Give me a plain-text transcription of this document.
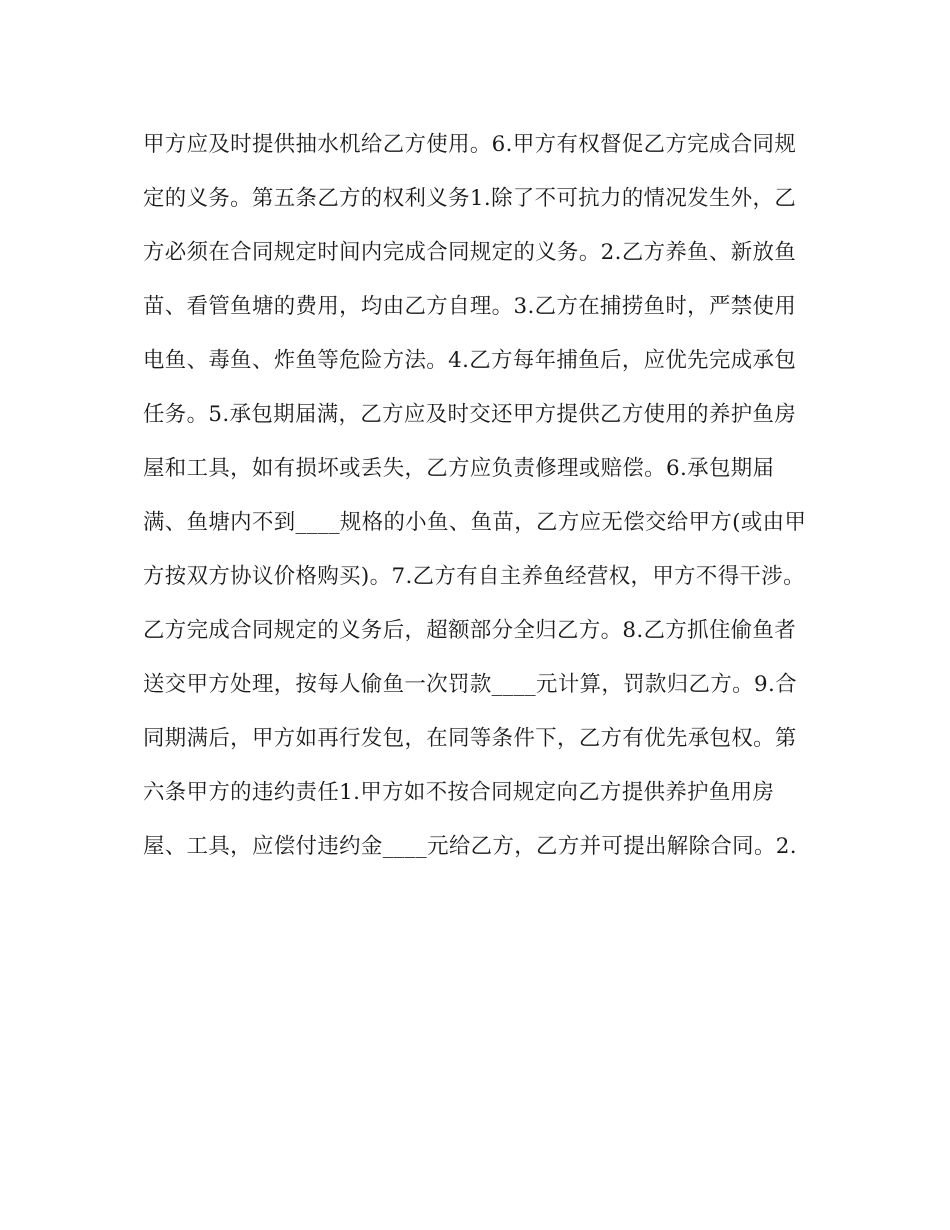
甲方应及时提供抽水机给乙方使用。6.甲方有权督促乙方完成合同规
定的义务。第五条乙方的权利义务1.除了不可抗力的情况发生外，乙
方必须在合同规定时间内完成合同规定的义务。2.乙方养鱼、新放鱼
苗、看管鱼塘的费用，均由乙方自理。3.乙方在捕捞鱼时，严禁使用
电鱼、毒鱼、炸鱼等危险方法。4.乙方每年捕鱼后，应优先完成承包
任务。5.承包期届满，乙方应及时交还甲方提供乙方使用的养护鱼房
屋和工具，如有损坏或丢失，乙方应负责修理或赔偿。6.承包期届
满、鱼塘内不到____规格的小鱼、鱼苗，乙方应无偿交给甲方(或由甲
方按双方协议价格购买)。7.乙方有自主养鱼经营权，甲方不得干涉。
乙方完成合同规定的义务后，超额部分全归乙方。8.乙方抓住偷鱼者
送交甲方处理，按每人偷鱼一次罚款____元计算，罚款归乙方。9.合
同期满后，甲方如再行发包，在同等条件下，乙方有优先承包权。第
六条甲方的违约责任1.甲方如不按合同规定向乙方提供养护鱼用房
屋、工具，应偿付违约金____元给乙方，乙方并可提出解除合同。2.
